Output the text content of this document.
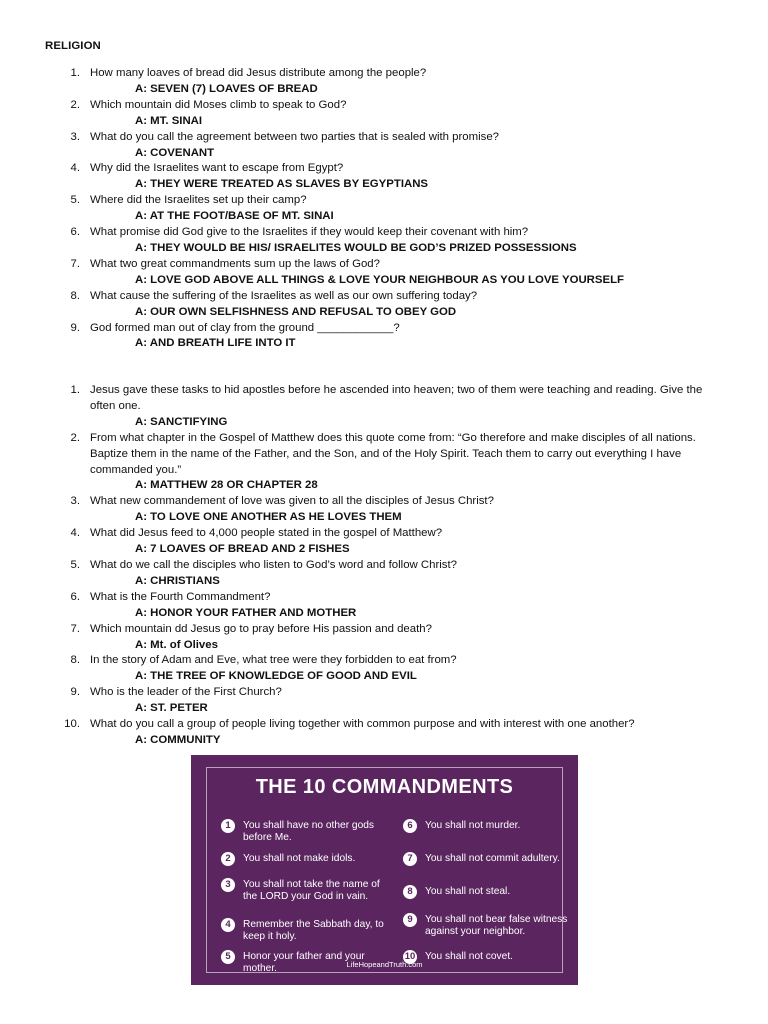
RELIGION
1. How many loaves of bread did Jesus distribute among the people?
A: SEVEN (7) LOAVES OF BREAD
2. Which mountain did Moses climb to speak to God?
A: MT. SINAI
3. What do you call the agreement between two parties that is sealed with promise?
A: COVENANT
4. Why did the Israelites want to escape from Egypt?
A: THEY WERE TREATED AS SLAVES BY EGYPTIANS
5. Where did the Israelites set up their camp?
A: AT THE FOOT/BASE OF MT. SINAI
6. What promise did God give to the Israelites if they would keep their covenant with him?
A: THEY WOULD BE HIS/ ISRAELITES WOULD BE GOD’S PRIZED POSSESSIONS
7. What two great commandments sum up the laws of God?
A: LOVE GOD ABOVE ALL THINGS & LOVE YOUR NEIGHBOUR AS YOU LOVE YOURSELF
8. What cause the suffering of the Israelites as well as our own suffering today?
A: OUR OWN SELFISHNESS AND REFUSAL TO OBEY GOD
9. God formed man out of clay from the ground ____________?
A: AND BREATH LIFE INTO IT
1. Jesus gave these tasks to hid apostles before he ascended into heaven; two of them were teaching and reading. Give the often one.
A: SANCTIFYING
2. From what chapter in the Gospel of Matthew does this quote come from: “Go therefore and make disciples of all nations. Baptize them in the name of the Father, and the Son, and of the Holy Spirit. Teach them to carry out everything I have commanded you.”
A: MATTHEW 28 OR CHAPTER 28
3. What new commandement of love was given to all the disciples of Jesus Christ?
A: TO LOVE ONE ANOTHER AS HE LOVES THEM
4. What did Jesus feed to 4,000 people stated in the gospel of Matthew?
A: 7 LOAVES OF BREAD AND 2 FISHES
5. What do we call the disciples who listen to God’s word and follow Christ?
A: CHRISTIANS
6. What is the Fourth Commandment?
A: HONOR YOUR FATHER AND MOTHER
7. Which mountain dd Jesus go to pray before His passion and death?
A: Mt. of Olives
8. In the story of Adam and Eve, what tree were they forbidden to eat from?
A: THE TREE OF KNOWLEDGE OF GOOD AND EVIL
9. Who is the leader of the First Church?
A: ST. PETER
10. What do you call a group of people living together with common purpose and with interest with one another?
A: COMMUNITY
THE 10 COMMANDMENTS
1	You shall have no other gods before Me.
2	You shall not make idols.
3	You shall not take the name of the LORD your God in vain.
4	Remember the Sabbath day, to keep it holy.
5	Honor your father and your mother.
6	You shall not murder.
7	You shall not commit adultery.
8	You shall not steal.
9	You shall not bear false witness against your neighbor.
10 You shall not covet.
LifeHopeandTruth.com
